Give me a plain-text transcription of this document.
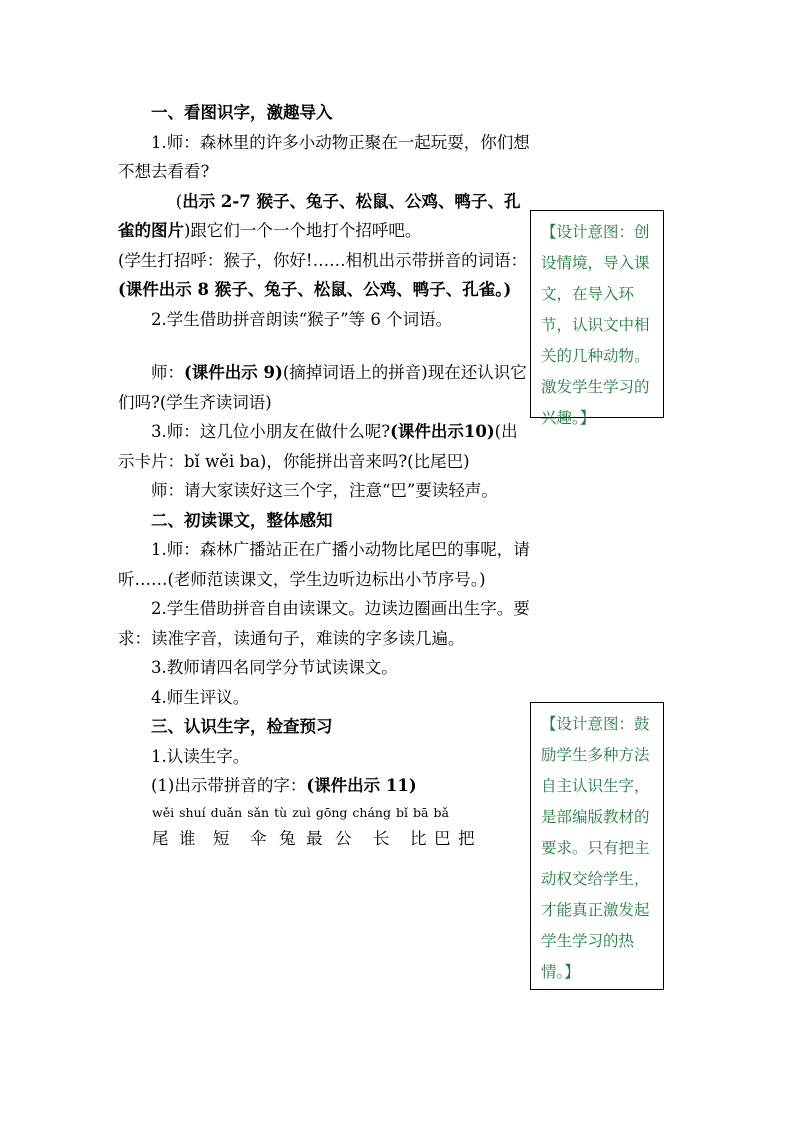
一、看图识字，激趣导入

1.师：森林里的许多小动物正聚在一起玩耍，你们想不想去看看?

(出示 2-7 猴子、兔子、松鼠、公鸡、鸭子、孔雀的图片)跟它们一个一个地打个招呼吧。

(学生打招呼：猴子，你好!……相机出示带拼音的词语：(课件出示 8 猴子、兔子、松鼠、公鸡、鸭子、孔雀。)

2.学生借助拼音朗读“猴子”等 6 个词语。

师：(课件出示 9)(摘掉词语上的拼音)现在还认识它们吗?(学生齐读词语)

3.师：这几位小朋友在做什么呢?(课件出示10)(出示卡片：bǐ wěi ba)，你能拼出音来吗?(比尾巴)

师：请大家读好这三个字，注意“巴”要读轻声。

二、初读课文，整体感知

1.师：森林广播站正在广播小动物比尾巴的事呢，请听……(老师范读课文，学生边听边标出小节序号。)

2.学生借助拼音自由读课文。边读边圈画出生字。要求：读准字音，读通句子，难读的字多读几遍。

3.教师请四名同学分节试读课文。

4.师生评议。

三、认识生字，检查预习

1.认读生字。

(1)出示带拼音的字：(课件出示 11)

wěi shuí duǎn sǎn tù zuì gōng cháng bǐ bā bǎ
尾 谁	短	伞 兔 最 公	长	比 巴 把
【设计意图：创设情境，导入课文，在导入环节，认识文中相关的几种动物。激发学生学习的兴趣。】
【设计意图：鼓励学生多种方法自主认识生字，是部编版教材的要求。只有把主动权交给学生，才能真正激发起学生学习的热情。】
